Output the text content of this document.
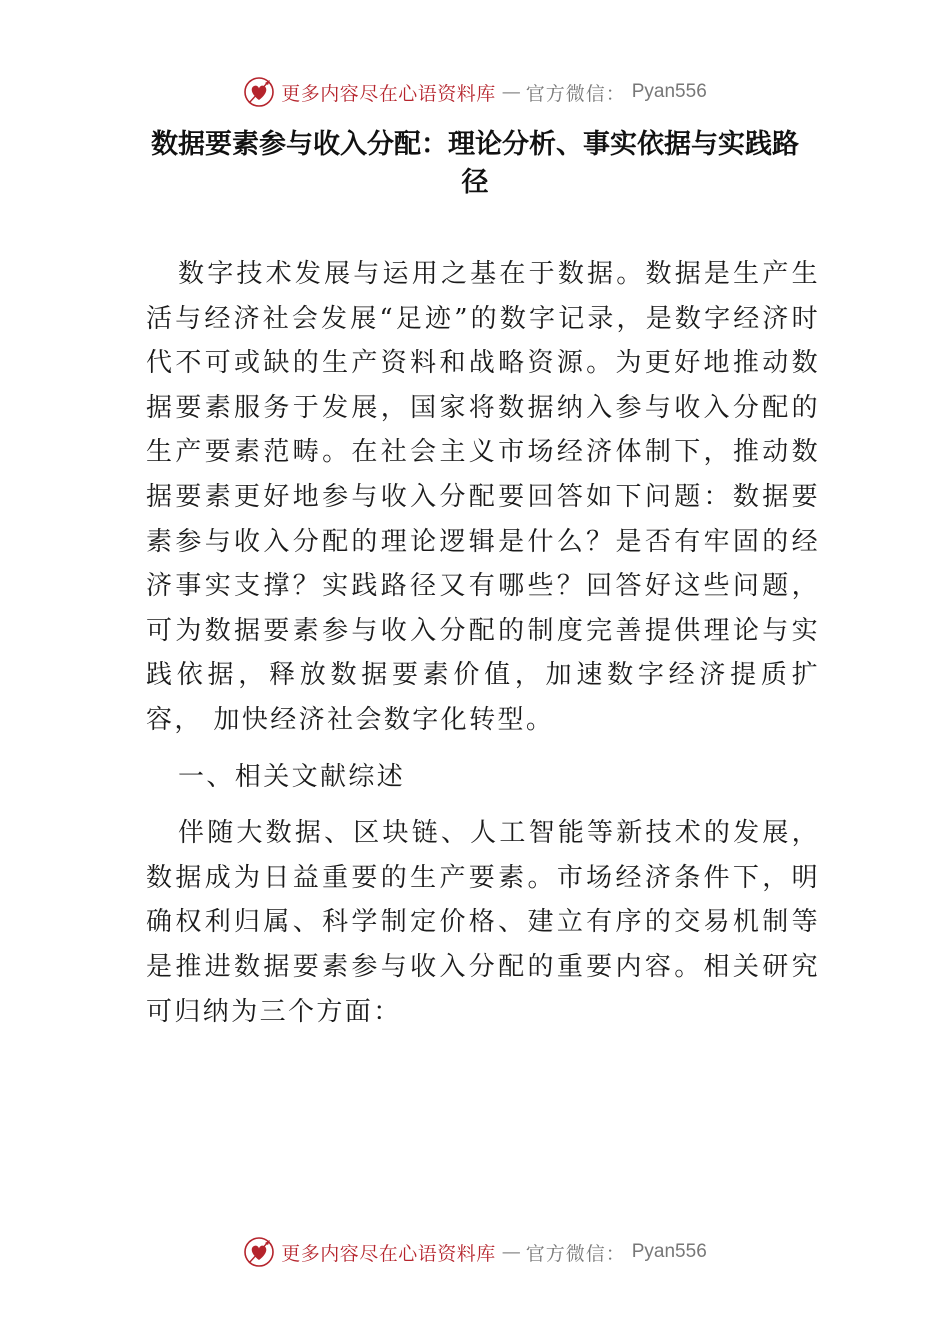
更多内容尽在心语资料库 — 官方微信： Pyan556
数据要素参与收入分配：理论分析、事实依据与实践路径

数字技术发展与运用之基在于数据。数据是生产生活与经济社会发展“足迹”的数字记录，是数字经济时代不可或缺的生产资料和战略资源。为更好地推动数据要素服务于发展，国家将数据纳入参与收入分配的生产要素范畴。在社会主义市场经济体制下，推动数据要素更好地参与收入分配要回答如下问题：数据要素参与收入分配的理论逻辑是什么？是否有牢固的经济事实支撑？实践路径又有哪些？回答好这些问题， 可为数据要素参与收入分配的制度完善提供理论与实践依据，释放数据要素价值，加速数字经济提质扩容， 加快经济社会数字化转型。

一、相关文献综述

伴随大数据、区块链、人工智能等新技术的发展，数据成为日益重要的生产要素。市场经济条件下，明确权利归属、科学制定价格、建立有序的交易机制等是推进数据要素参与收入分配的重要内容。相关研究可归纳为三个方面：

更多内容尽在心语资料库 — 官方微信： Pyan556
